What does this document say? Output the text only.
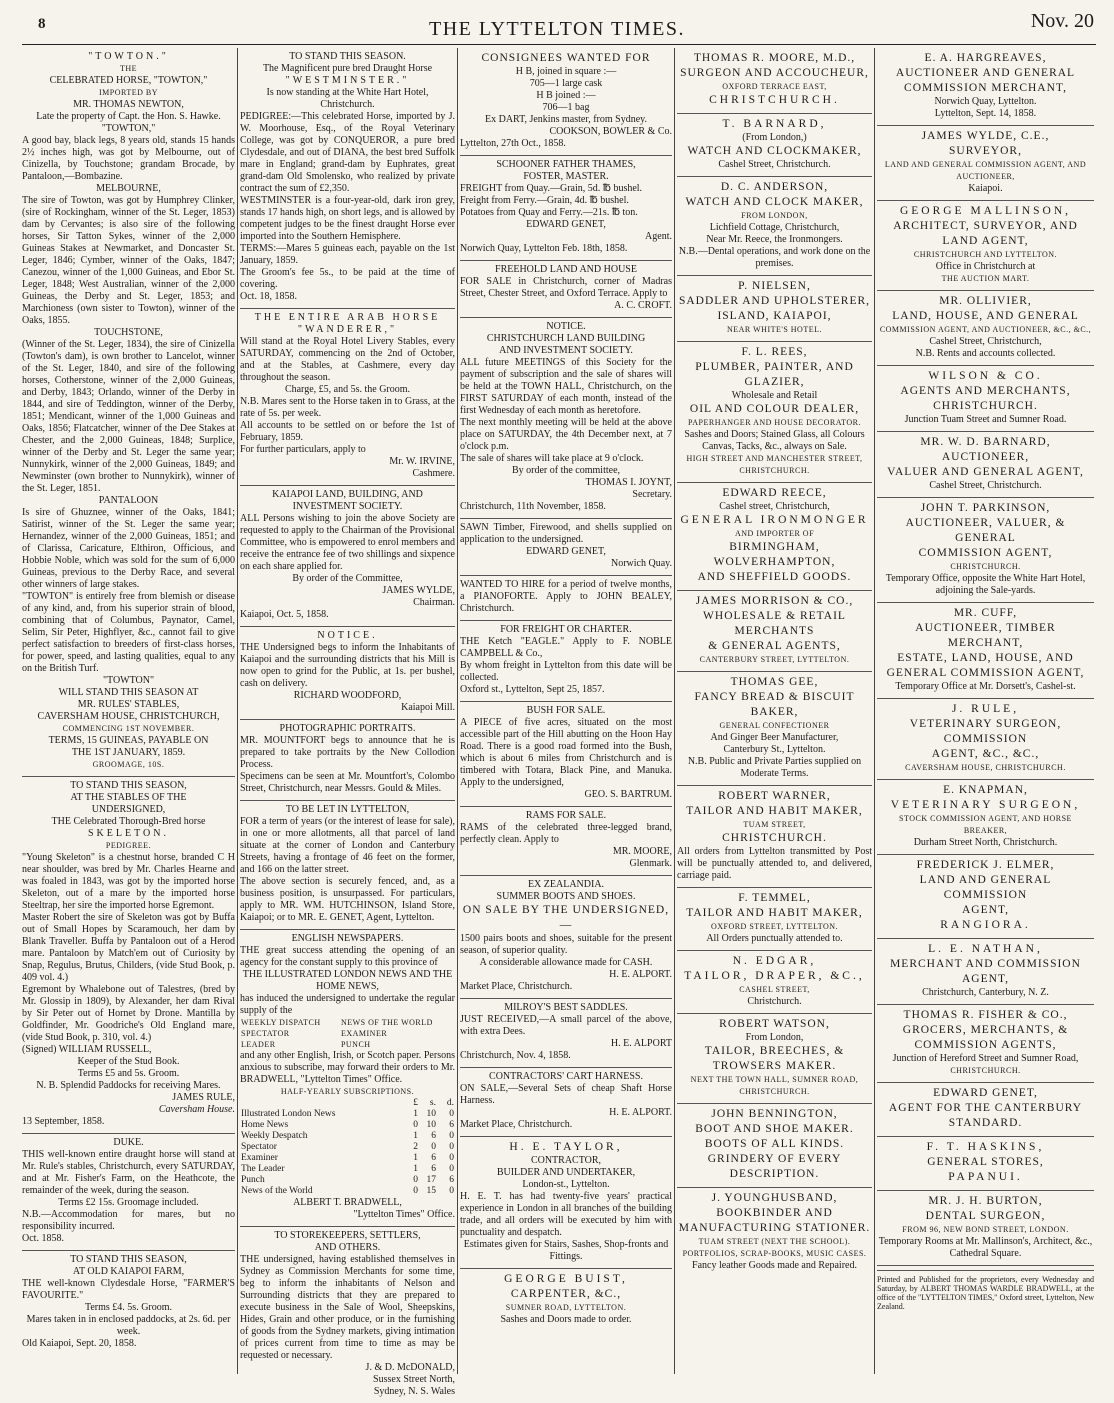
8	THE LYTTELTON TIMES.	Nov. 20
"TOWTON."
THE
CELEBRATED HORSE, "TOWTON,"
IMPORTED BY
MR. THOMAS NEWTON,
Late the property of Capt. the Hon. S. Hawke.
"TOWTON,"
A good bay, black legs, 8 years old, stands 15 hands 2½ inches high, was got by Melbourne, out of Cinizella, by Touchstone; grandam Brocade, by Pantaloon,—Bombazine.
MELBOURNE,
The sire of Towton, was got by Humphrey Clinker, (sire of Rockingham, winner of the St. Leger, 1853) dam by Cervantes; is also sire of the following horses, Sir Tatton Sykes, winner of the 2,000 Guineas Stakes at Newmarket, and Doncaster St. Leger, 1846; Cymber, winner of the Oaks, 1847; Canezou, winner of the 1,000 Guineas, and Ebor St. Leger, 1848; West Australian, winner of the 2,000 Guineas, the Derby and St. Leger, 1853; and Marchioness (own sister to Towton), winner of the Oaks, 1855.
TOUCHSTONE,
(Winner of the St. Leger, 1834), the sire of Cinizella (Towton's dam), is own brother to Lancelot, winner of the St. Leger, 1840, and sire of the following horses, Cotherstone, winner of the 2,000 Guineas, and Derby, 1843; Orlando, winner of the Derby in 1844, and sire of Teddington, winner of the Derby, 1851; Mendicant, winner of the 1,000 Guineas and Oaks, 1856; Flatcatcher, winner of the Dee Stakes at Chester, and the 2,000 Guineas, 1848; Surplice, winner of the Derby and St. Leger the same year; Nunnykirk, winner of the 2,000 Guineas, 1849; and Newminster (own brother to Nunnykirk), winner of the St. Leger, 1851.
PANTALOON
Is sire of Ghuznee, winner of the Oaks, 1841; Satirist, winner of the St. Leger the same year; Hernandez, winner of the 2,000 Guineas, 1851; and of Clarissa, Caricature, Elthiron, Officious, and Hobbie Noble, which was sold for the sum of 6,000 Guineas, previous to the Derby Race, and several other winners of large stakes.
"TOWTON" is entirely free from blemish or disease of any kind, and, from his superior strain of blood, combining that of Columbus, Paynator, Camel, Selim, Sir Peter, Highflyer, &c., cannot fail to give perfect satisfaction to breeders of first-class horses, for power, speed, and lasting qualities, equal to any on the British Turf.
"TOWTON"
WILL STAND THIS SEASON AT
MR. RULES' STABLES,
CAVERSHAM HOUSE, CHRISTCHURCH,
COMMENCING 1ST NOVEMBER.
TERMS, 15 GUINEAS, PAYABLE ON
THE 1ST JANUARY, 1859.
GROOMAGE, 10S.
TO STAND THIS SEASON,
AT THE STABLES OF THE
UNDERSIGNED,
THE Celebrated Thorough-Bred horse
SKELETON.
PEDIGREE.
"Young Skeleton" is a chestnut horse, branded C H near shoulder, was bred by Mr. Charles Hearne and was foaled in 1843, was got by the imported horse Skeleton, out of a mare by the imported horse Steeltrap, her sire the imported horse Egremont.
Master Robert the sire of Skeleton was got by Buffa out of Small Hopes by Scaramouch, her dam by Blank Traveller. Buffa by Pantaloon out of a Herod mare. Pantaloon by Match'em out of Curiosity by Snap, Regulus, Brutus, Childers, (vide Stud Book, p. 409 vol. 4.)
Egremont by Whalebone out of Talestres, (bred by Mr. Glossip in 1809), by Alexander, her dam Rival by Sir Peter out of Hornet by Drone. Mantilla by Goldfinder, Mr. Goodriche's Old England mare, (vide Stud Book, p. 310, vol. 4.)
(Signed) WILLIAM RUSSELL,
Keeper of the Stud Book.
Terms £5 and 5s. Groom.
N. B. Splendid Paddocks for receiving Mares.
JAMES RULE,
Caversham House.
13 September, 1858.
DUKE.
THIS well-known entire draught horse will stand at Mr. Rule's stables, Christchurch, every SATURDAY, and at Mr. Fisher's Farm, on the Heathcote, the remainder of the week, during the season.
Terms £2 15s. Groomage included.
N.B.—Accommodation for mares, but no responsibility incurred.
Oct. 1858.
TO STAND THIS SEASON,
AT OLD KAIAPOI FARM,
THE well-known Clydesdale Horse, "FARMER'S FAVOURITE."
Terms £4. 5s. Groom.
Mares taken in in enclosed paddocks, at 2s. 6d. per week.
Old Kaiapoi, Sept. 20, 1858.
TO STAND THIS SEASON.
The Magnificent pure bred Draught Horse
"WESTMINSTER."
Is now standing at the White Hart Hotel, Christchurch.
PEDIGREE:—This celebrated Horse, imported by J. W. Moorhouse, Esq., of the Royal Veterinary College, was got by CONQUEROR, a pure bred Clydesdale, and out of DIANA, the best bred Suffolk mare in England; grand-dam by Euphrates, great grand-dam Old Smolensko, who realized by private contract the sum of £2,350.
WESTMINSTER is a four-year-old, dark iron grey, stands 17 hands high, on short legs, and is allowed by competent judges to be the finest draught Horse ever imported into the Southern Hemisphere.
TERMS:—Mares 5 guineas each, payable on the 1st January, 1859.
The Groom's fee 5s., to be paid at the time of covering.
Oct. 18, 1858.
THE ENTIRE ARAB HORSE "WANDERER,"
Will stand at the Royal Hotel Livery Stables, every SATURDAY, commencing on the 2nd of October, and at the Stables, at Cashmere, every day throughout the season.
Charge, £5, and 5s. the Groom.
N.B. Mares sent to the Horse taken in to Grass, at the rate of 5s. per week.
All accounts to be settled on or before the 1st of February, 1859.
For further particulars, apply to
Mr. W. IRVINE,
Cashmere.
KAIAPOI LAND, BUILDING, AND
INVESTMENT SOCIETY.
ALL Persons wishing to join the above Society are requested to apply to the Chairman of the Provisional Committee, who is empowered to enrol members and receive the entrance fee of two shillings and sixpence on each share applied for.
By order of the Committee,
JAMES WYLDE,
Chairman.
Kaiapoi, Oct. 5, 1858.
NOTICE.
THE Undersigned begs to inform the Inhabitants of Kaiapoi and the surrounding districts that his Mill is now open to grind for the Public, at 1s. per bushel, cash on delivery.
RICHARD WOODFORD,
Kaiapoi Mill.
PHOTOGRAPHIC PORTRAITS.
MR. MOUNTFORT begs to announce that he is prepared to take portraits by the New Collodion Process.
Specimens can be seen at Mr. Mountfort's, Colombo Street, Christchurch, near Messrs. Gould & Miles.
TO BE LET IN LYTTELTON,
FOR a term of years (or the interest of lease for sale), in one or more allotments, all that parcel of land situate at the corner of London and Canterbury Streets, having a frontage of 46 feet on the former, and 166 on the latter street.
The above section is securely fenced, and, as a business position, is unsurpassed. For particulars, apply to MR. WM. HUTCHINSON, Island Store, Kaiapoi; or to MR. E. GENET, Agent, Lyttelton.
ENGLISH NEWSPAPERS.
THE great success attending the opening of an agency for the constant supply to this province of
THE ILLUSTRATED LONDON NEWS AND THE HOME NEWS,
has induced the undersigned to undertake the regular supply of the
WEEKLY DISPATCH	NEWS OF THE WORLD
SPECTATOR	EXAMINER
LEADER	PUNCH
and any other English, Irish, or Scotch paper. Persons anxious to subscribe, may forward their orders to Mr. BRADWELL, "Lyttelton Times" Office.
HALF-YEARLY SUBSCRIPTIONS.
	£	s.	d.
Illustrated London News	1	10	0
Home News	0	10	6
Weekly Despatch	1	6	0
Spectator	2	0	0
Examiner	1	6	0
The Leader	1	6	0
Punch	0	17	6
News of the World	0	15	0
ALBERT T. BRADWELL,
"Lyttelton Times" Office.
TO STOREKEEPERS, SETTLERS,
AND OTHERS.
THE undersigned, having established themselves in Sydney as Commission Merchants for some time, beg to inform the inhabitants of Nelson and Surrounding districts that they are prepared to execute business in the Sale of Wool, Sheepskins, Hides, Grain and other produce, or in the furnishing of goods from the Sydney markets, giving intimation of prices current from time to time as may be requested or necessary.
J. & D. McDONALD,
Sussex Street North,
Sydney, N. S. Wales
CONSIGNEES WANTED FOR
H B, joined in square :—
705—1 large cask
H B joined :—
706—1 bag
Ex DART, Jenkins master, from Sydney.
COOKSON, BOWLER & Co.
Lyttelton, 27th Oct., 1858.
SCHOONER FATHER THAMES,
FOSTER, MASTER.
FREIGHT from Quay.—Grain, 5d. ℔ bushel.
Freight from Ferry.—Grain, 4d. ℔ bushel.
Potatoes from Quay and Ferry.—21s. ℔ ton.
EDWARD GENET,
Agent.
Norwich Quay, Lyttelton Feb. 18th, 1858.
FREEHOLD LAND AND HOUSE
FOR SALE in Christchurch, corner of Madras Street, Chester Street, and Oxford Terrace. Apply to
A. C. CROFT.
NOTICE.
CHRISTCHURCH LAND BUILDING
AND INVESTMENT SOCIETY.
ALL future MEETINGS of this Society for the payment of subscription and the sale of shares will be held at the TOWN HALL, Christchurch, on the FIRST SATURDAY of each month, instead of the first Wednesday of each month as heretofore.
The next monthly meeting will be held at the above place on SATURDAY, the 4th December next, at 7 o'clock p.m.
The sale of shares will take place at 9 o'clock.
By order of the committee,
THOMAS I. JOYNT,
Secretary.
Christchurch, 11th November, 1858.
SAWN Timber, Firewood, and shells supplied on application to the undersigned.
EDWARD GENET,
Norwich Quay.
WANTED TO HIRE for a period of twelve months, a PIANOFORTE. Apply to JOHN BEALEY, Christchurch.
FOR FREIGHT OR CHARTER.
THE Ketch "EAGLE." Apply to F. NOBLE CAMPBELL & Co.,
By whom freight in Lyttelton from this date will be collected.
Oxford st., Lyttelton, Sept 25, 1857.
BUSH FOR SALE.
A PIECE of five acres, situated on the most accessible part of the Hill abutting on the Hoon Hay Road. There is a good road formed into the Bush, which is about 6 miles from Christchurch and is timbered with Totara, Black Pine, and Manuka. Apply to the undersigned,
GEO. S. BARTRUM.
RAMS FOR SALE.
RAMS of the celebrated three-legged brand, perfectly clean. Apply to
MR. MOORE,
Glenmark.
EX ZEALANDIA.
SUMMER BOOTS AND SHOES.
ON SALE BY THE UNDERSIGNED,—
1500 pairs boots and shoes, suitable for the present season, of superior quality.
A considerable allowance made for CASH.
H. E. ALPORT.
Market Place, Christchurch.
MILROY'S BEST SADDLES.
JUST RECEIVED,—A small parcel of the above, with extra Dees.
H. E. ALPORT
Christchurch, Nov. 4, 1858.
CONTRACTORS' CART HARNESS.
ON SALE,—Several Sets of cheap Shaft Horse Harness.
H. E. ALPORT.
Market Place, Christchurch.
H. E. TAYLOR,
CONTRACTOR,
BUILDER AND UNDERTAKER,
London-st., Lyttelton.
H. E. T. has had twenty-five years' practical experience in London in all branches of the building trade, and all orders will be executed by him with punctuality and despatch.
Estimates given for Stairs, Sashes, Shop-fronts and Fittings.
GEORGE BUIST,
CARPENTER, &C.,
SUMNER ROAD, LYTTELTON.
Sashes and Doors made to order.
THOMAS R. MOORE, M.D.,
SURGEON AND ACCOUCHEUR,
OXFORD TERRACE EAST,
CHRISTCHURCH.
T. BARNARD,
(From London,)
WATCH AND CLOCKMAKER,
Cashel Street, Christchurch.
D. C. ANDERSON,
WATCH AND CLOCK MAKER,
FROM LONDON,
Lichfield Cottage, Christchurch,
Near Mr. Reece, the Ironmongers.
N.B.—Dental operations, and work done on the premises.
P. NIELSEN,
SADDLER AND UPHOLSTERER,
ISLAND, KAIAPOI,
NEAR WHITE'S HOTEL.
F. L. REES,
PLUMBER, PAINTER, AND GLAZIER,
Wholesale and Retail
OIL AND COLOUR DEALER,
PAPERHANGER AND HOUSE DECORATOR.
Sashes and Doors; Stained Glass, all Colours Canvas, Tacks, &c., always on Sale.
HIGH STREET AND MANCHESTER STREET, CHRISTCHURCH.
EDWARD REECE,
Cashel street, Christchurch,
GENERAL IRONMONGER
AND IMPORTER OF
BIRMINGHAM, WOLVERHAMPTON,
AND SHEFFIELD GOODS.
JAMES MORRISON & CO.,
WHOLESALE & RETAIL MERCHANTS
& GENERAL AGENTS,
CANTERBURY STREET, LYTTELTON.
THOMAS GEE,
FANCY BREAD & BISCUIT BAKER,
GENERAL CONFECTIONER
And Ginger Beer Manufacturer,
Canterbury St., Lyttelton.
N.B. Public and Private Parties supplied on Moderate Terms.
ROBERT WARNER,
TAILOR AND HABIT MAKER,
TUAM STREET,
CHRISTCHURCH.
All orders from Lyttelton transmitted by Post will be punctually attended to, and delivered, carriage paid.
F. TEMMEL,
TAILOR AND HABIT MAKER,
OXFORD STREET, LYTTELTON.
All Orders punctually attended to.
N. EDGAR,
TAILOR, DRAPER, &C.,
CASHEL STREET,
Christchurch.
ROBERT WATSON,
From London,
TAILOR, BREECHES, & TROWSERS MAKER.
NEXT THE TOWN HALL, SUMNER ROAD, CHRISTCHURCH.
JOHN BENNINGTON,
BOOT AND SHOE MAKER.
BOOTS OF ALL KINDS.
GRINDERY OF EVERY DESCRIPTION.
J. YOUNGHUSBAND,
BOOKBINDER AND MANUFACTURING STATIONER.
TUAM STREET (NEXT THE SCHOOL).
PORTFOLIOS, SCRAP-BOOKS, MUSIC CASES.
Fancy leather Goods made and Repaired.
E. A. HARGREAVES,
AUCTIONEER AND GENERAL
COMMISSION MERCHANT,
Norwich Quay, Lyttelton.
Lyttelton, Sept. 14, 1858.
JAMES WYLDE, C.E.,
SURVEYOR,
LAND AND GENERAL COMMISSION AGENT, AND AUCTIONEER,
Kaiapoi.
GEORGE MALLINSON,
ARCHITECT, SURVEYOR, AND
LAND AGENT,
CHRISTCHURCH AND LYTTELTON.
Office in Christchurch at
THE AUCTION MART.
MR. OLLIVIER,
LAND, HOUSE, AND GENERAL
COMMISSION AGENT, AND AUCTIONEER, &C., &C.,
Cashel Street, Christchurch,
N.B. Rents and accounts collected.
WILSON & CO.
AGENTS AND MERCHANTS,
CHRISTCHURCH.
Junction Tuam Street and Sumner Road.
MR. W. D. BARNARD,
AUCTIONEER,
VALUER AND GENERAL AGENT,
Cashel Street, Christchurch.
JOHN T. PARKINSON,
AUCTIONEER, VALUER, & GENERAL
COMMISSION AGENT,
CHRISTCHURCH.
Temporary Office, opposite the White Hart Hotel, adjoining the Sale-yards.
MR. CUFF,
AUCTIONEER, TIMBER MERCHANT,
ESTATE, LAND, HOUSE, AND
GENERAL COMMISSION AGENT,
Temporary Office at Mr. Dorsett's, Cashel-st.
J. RULE,
VETERINARY SURGEON, COMMISSION
AGENT, &C., &C.,
CAVERSHAM HOUSE, CHRISTCHURCH.
E. KNAPMAN,
VETERINARY SURGEON,
STOCK COMMISSION AGENT, AND HORSE BREAKER,
Durham Street North, Christchurch.
FREDERICK J. ELMER,
LAND AND GENERAL COMMISSION
AGENT,
RANGIORA.
L. E. NATHAN,
MERCHANT AND COMMISSION
AGENT,
Christchurch, Canterbury, N. Z.
THOMAS R. FISHER & CO.,
GROCERS, MERCHANTS, & COMMISSION AGENTS,
Junction of Hereford Street and Sumner Road,
CHRISTCHURCH.
EDWARD GENET,
AGENT FOR THE CANTERBURY
STANDARD.
F. T. HASKINS,
GENERAL STORES,
PAPANUI.
MR. J. H. BURTON,
DENTAL SURGEON,
FROM 96, NEW BOND STREET, LONDON.
Temporary Rooms at Mr. Mallinson's, Architect, &c., Cathedral Square.
Printed and Published for the proprietors, every Wednesday and Saturday, by ALBERT THOMAS WARDLE BRADWELL, at the office of the "LYTTELTON TIMES," Oxford street, Lyttelton, New Zealand.
